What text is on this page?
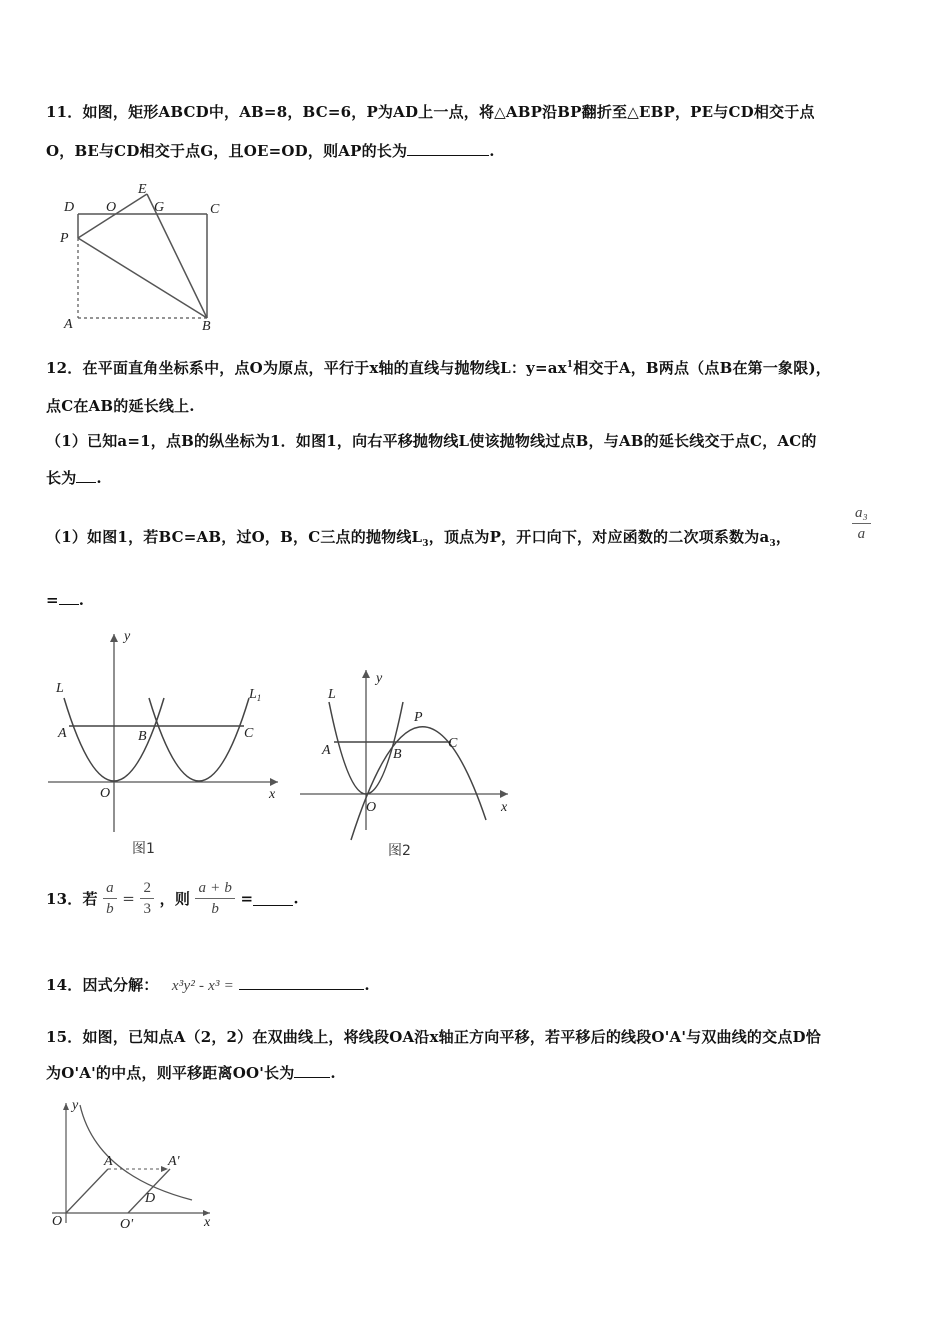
11．如图，矩形ABCD中，AB=8，BC=6，P为AD上一点，将△ABP沿BP翻折至△EBP，PE与CD相交于点
O，BE与CD相交于点G，且OE=OD，则AP的长为	.
D O
E
G	C
P
A	B
12．在平面直角坐标系中，点O为原点，平行于x轴的直线与抛物线L：$y=ax^1$相交于A，B两点（点B在第一象限)，
点C在AB的延长线上.
（1）已知a=1，点B的纵坐标为1．如图1，向右平移抛物线L使该抛物线过点B，与AB的延长线交于点C，AC的
长为 .
（1）如图1，若BC=AB，过O，B，C三点的抛物线$L_3$，顶点为P，开口向下，对应函数的二次项系数为$a_3$，	$\frac{\text{a₃}}{a}$
= .
y
L	$L_1$
A	B	C
O	x
图1
y
L
P
A	B
C
O	x
图2
13．若 $\frac{a}{b} = \frac{2}{3}$ ，则 $\frac{a + b}{b}$ =	.
14．因式分解： x³y² - x³ =	.
15．如图，已知点A（2，2）在双曲线上，将线段OA沿x轴正方向平移，若平移后的线段O'A'与双曲线的交点D恰
为O'A'的中点，则平移距离OO'长为 .
y
A	A'
D
O	O'	x
